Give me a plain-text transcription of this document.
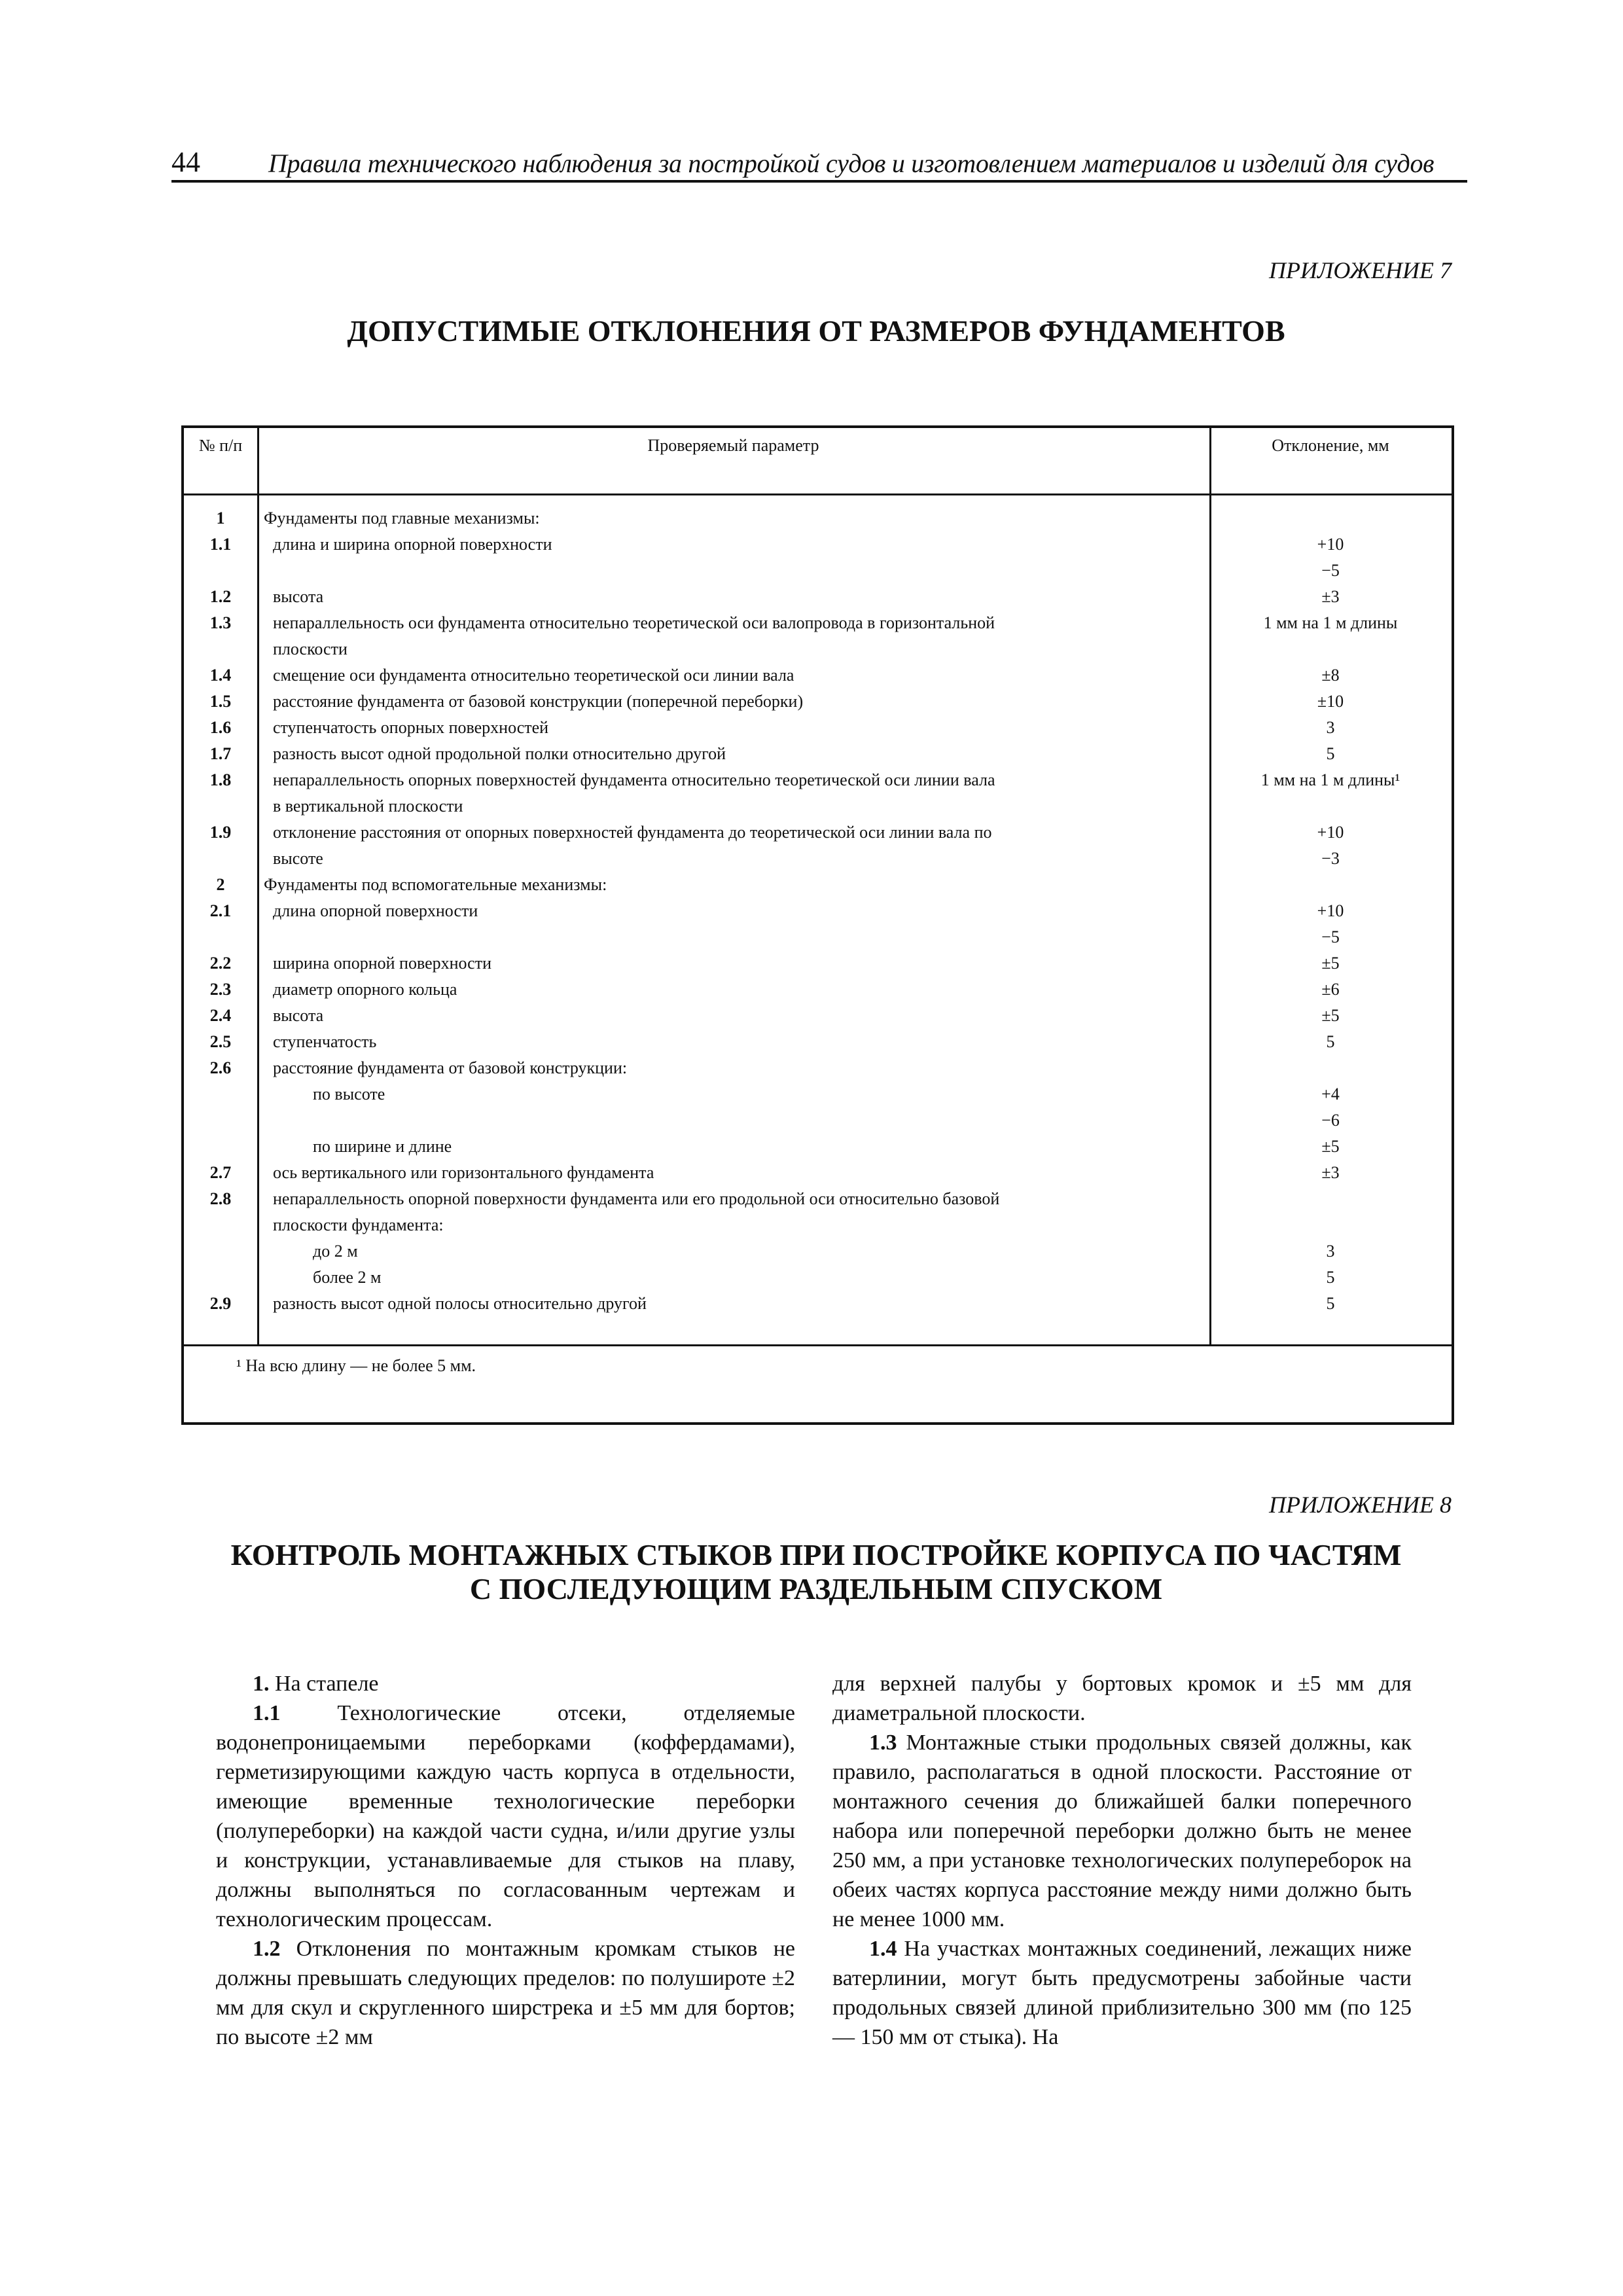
44	Правила технического наблюдения за постройкой судов и изготовлением материалов и изделий для судов
ПРИЛОЖЕНИЕ 7
ДОПУСТИМЫЕ ОТКЛОНЕНИЯ ОТ РАЗМЕРОВ ФУНДАМЕНТОВ
№ п/п	Проверяемый параметр	Отклонение, мм
1	Фундаменты под главные механизмы:
1.1	длина и ширина опорной поверхности	+10
−5
1.2	высота	±3
1.3	непараллельность оси фундамента относительно теоретической оси валопровода в горизонтальной	1 мм на 1 м длины
плоскости
1.4	смещение оси фундамента относительно теоретической оси линии вала	±8
1.5	расстояние фундамента от базовой конструкции (поперечной переборки)	±10
1.6	ступенчатость опорных поверхностей	3
1.7	разность высот одной продольной полки относительно другой	5
1.8	непараллельность опорных поверхностей фундамента относительно теоретической оси линии вала	1 мм на 1 м длины¹
в вертикальной плоскости
1.9	отклонение расстояния от опорных поверхностей фундамента до теоретической оси линии вала по	+10
высоте	−3
2	Фундаменты под вспомогательные механизмы:
2.1	длина опорной поверхности	+10
−5
2.2	ширина опорной поверхности	±5
2.3	диаметр опорного кольца	±6
2.4	высота	±5
2.5	ступенчатость	5
2.6	расстояние фундамента от базовой конструкции:
по высоте	+4
−6
по ширине и длине	±5
2.7	ось вертикального или горизонтального фундамента	±3
2.8	непараллельность опорной поверхности фундамента или его продольной оси относительно базовой
плоскости фундамента:
до 2 м	3
более 2 м	5
2.9	разность высот одной полосы относительно другой	5
¹ На всю длину — не более 5 мм.
ПРИЛОЖЕНИЕ 8
КОНТРОЛЬ МОНТАЖНЫХ СТЫКОВ ПРИ ПОСТРОЙКЕ КОРПУСА ПО ЧАСТЯМ
С ПОСЛЕДУЮЩИМ РАЗДЕЛЬНЫМ СПУСКОМ

1. На стапеле

1.1 Технологические отсеки, отделяемые водонепроницаемыми переборками (коффердамами), герметизирующими каждую часть корпуса в отдельности, имеющие временные технологические переборки (полупереборки) на каждой части судна, и/или другие узлы и конструкции, устанавливаемые для стыков на плаву, должны выполняться по согласованным чертежам и технологическим процессам.

1.2 Отклонения по монтажным кромкам стыков не должны превышать следующих пределов: по полушироте ±2 мм для скул и скругленного ширстрека и ±5 мм для бортов; по высоте ±2 мм

для верхней палубы у бортовых кромок и ±5 мм для диаметральной плоскости.

1.3 Монтажные стыки продольных связей должны, как правило, располагаться в одной плоскости. Расстояние от монтажного сечения до ближайшей балки поперечного набора или поперечной переборки должно быть не менее 250 мм, а при установке технологических полупереборок на обеих частях корпуса расстояние между ними должно быть не менее 1000 мм.

1.4 На участках монтажных соединений, лежащих ниже ватерлинии, могут быть предусмотрены забойные части продольных связей длиной приблизительно 300 мм (по 125 — 150 мм от стыка). На
